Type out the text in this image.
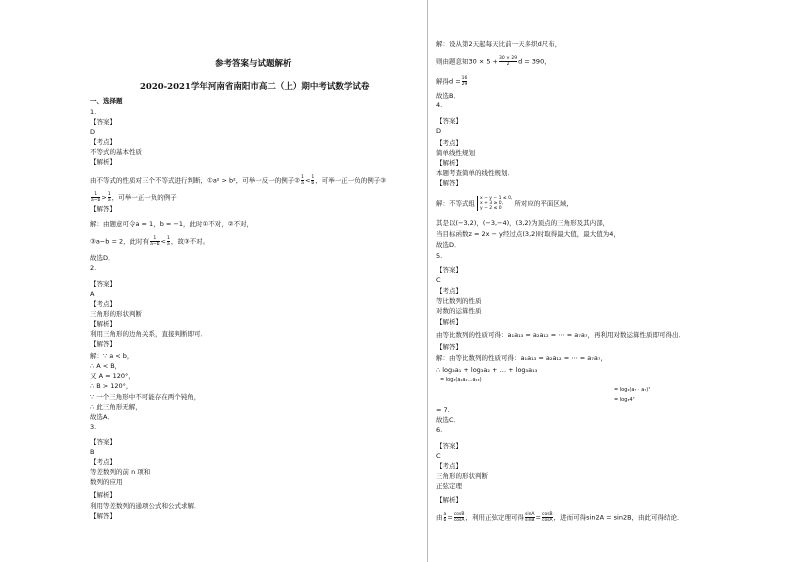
参考答案与试题解析
2020-2021学年河南省南阳市高二（上）期中考试数学试卷
一、选择题
1.
【答案】
D
【考点】
不等式的基本性质
【解析】
由不等式的性质对三个不等式进行判断，①a² > b²，可举一反一的例子② $\frac{1}{a} < \frac{1}{b}$ ，可举一正一负的例子③
$\frac{1}{a-b} > \frac{1}{a}$ ，可举一正一负的例子
【解答】
解：由题意可令a = 1，b = −1，此时①不对，②不对，
③a−b = 2，此时有 $\frac{1}{a-b} < \frac{1}{a}$ ，故③不对。
故选D．
2.
【答案】
A
【考点】
三角形的形状判断
【解析】
利用三角形的边角关系，直接判断即可．
【解答】
解：∵ a < b，
∴ A < B，
又 A = 120°，
∴ B > 120°，
∵ 一个三角形中不可能存在两个钝角，
∴ 此三角形无解，
故选A．
3.
【答案】
B
【考点】
等差数列的前 n 项和
数列的应用
【解析】
利用等差数列的通项公式和公式求解．
【解答】
解：设从第2天起每天比前一天多织d尺布，
则由题意知$30 \times 5 + \frac{30 \times 29}{2}$ d = 390，
解得$d = \frac{16}{29}$
故选B．
4.
【答案】
D
【考点】
简单线性规划
【解析】
本题考查简单的线性规划．
【解答】
解：不等式组
x − y − 1 ≤ 0,
x + 3 ≥ 0,
y − 2 ≤ 0
所对应的平面区域，
其是以(−3,2)，(−3,−4)，(3,2)为顶点的三角形及其内部，
当目标函数z = 2x − y经过点(3,2)时取得最大值，最大值为4，
故选D．
5.
【答案】
C
【考点】
等比数列的性质
对数的运算性质
【解析】
由等比数列的性质可得：a₁a₁₃ = a₂a₁₂ = ⋯ = a₇a₇，再利用对数运算性质即可得出．
【解答】
解：由等比数列的性质可得：a₁a₁₃ = a₂a₁₂ = ⋯ = a₇a₇，
∴ log₃a₁ + log₃a₂ + … + log₃a₁₃
= log₃(a₁a₂…a₁₃)
= log₃(a₇ · a₇)⁷
= log₃4⁷
= 7.
故选C．
6.
【答案】
C
【考点】
三角形的形状判断
正弦定理
【解析】
由 $\frac{a}{b} = \frac{\cos B}{\cos A}$ ，利用正弦定理可得 $\frac{\sin A}{\sin B} = \frac{\cos B}{\cos A}$ ，进而可得sin2A = sin2B，由此可得结论．
